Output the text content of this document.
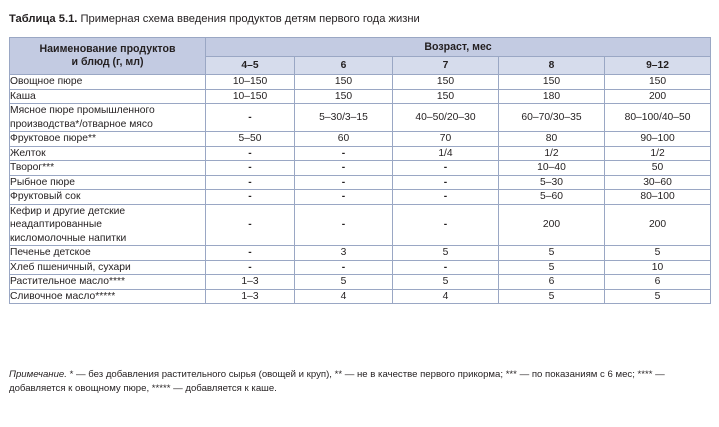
Таблица 5.1. Примерная схема введения продуктов детям первого года жизни
Наименование продуктов
и блюд (г, мл)	Возраст, мес				
	4–5	6	7	8	9–12
Овощное пюре	10–150	150	150	150	150
Каша	10–150	150	150	180	200

Мясное пюре промышленного
производства*/отварное мясо	-	5–30/3–15	40–50/20–30	60–70/30–35	80–100/40–50
Фруктовое пюре**	5–50	60	70	80	90–100
Желток	-	-	1/4	1/2	1/2
Творог***	-	-	-	10–40	50
Рыбное пюре	-	-	-	5–30	30–60
Фруктовый сок	-	-	-	5–60	80–100

Кефир и другие детские
неадаптированные
кисломолочные напитки	-	-	-	200	200
Печенье детское	-	3	5	5	5
Хлеб пшеничный, сухари	-	-	-	5	10
Растительное масло****	1–3	5	5	6	6
Сливочное масло*****	1–3	4	4	5	5
Примечание. * — без добавления растительного сырья (овощей и круп), ** — не в качестве первого прикорма; *** — по показаниям с 6 мес; **** — добавляется к овощному пюре, ***** — добавляется к каше.
